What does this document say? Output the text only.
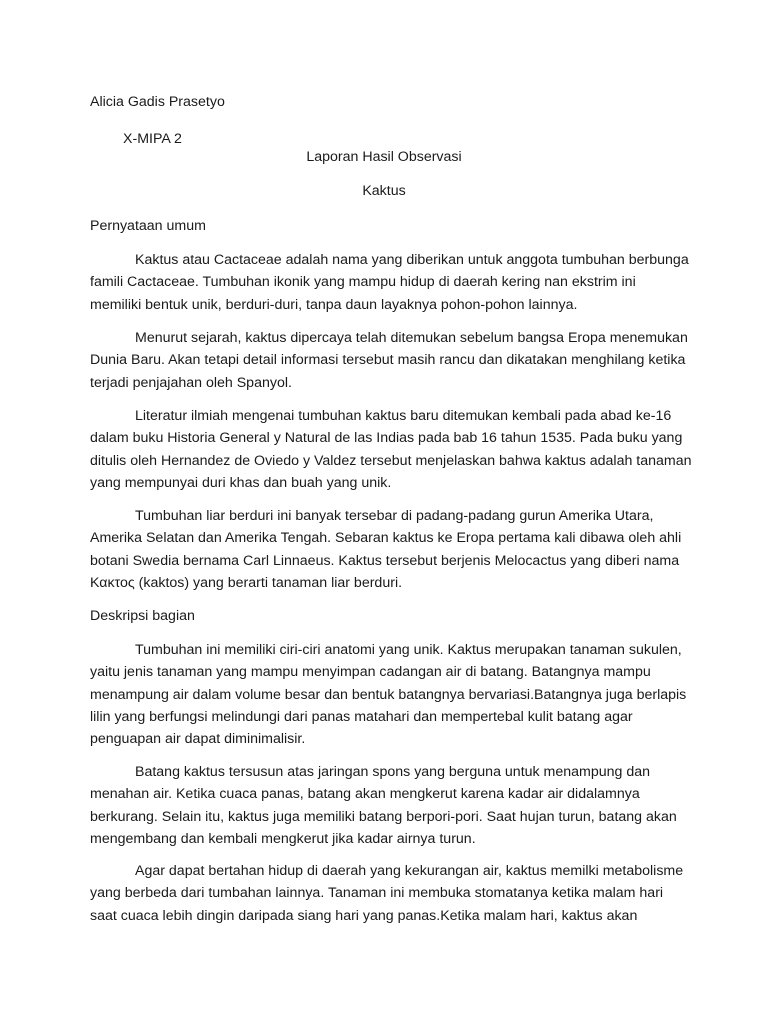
Alicia Gadis Prasetyo
X-MIPA 2
Laporan Hasil Observasi
Kaktus
Pernyataan umum
Kaktus atau Cactaceae adalah nama yang diberikan untuk anggota tumbuhan berbunga
famili Cactaceae. Tumbuhan ikonik yang mampu hidup di daerah kering nan ekstrim ini
memiliki bentuk unik, berduri-duri, tanpa daun layaknya pohon-pohon lainnya.
Menurut sejarah, kaktus dipercaya telah ditemukan sebelum bangsa Eropa menemukan
Dunia Baru. Akan tetapi detail informasi tersebut masih rancu dan dikatakan menghilang ketika
terjadi penjajahan oleh Spanyol.
Literatur ilmiah mengenai tumbuhan kaktus baru ditemukan kembali pada abad ke-16
dalam buku Historia General y Natural de las Indias pada bab 16 tahun 1535. Pada buku yang
ditulis oleh Hernandez de Oviedo y Valdez tersebut menjelaskan bahwa kaktus adalah tanaman
yang mempunyai duri khas dan buah yang unik.
Tumbuhan liar berduri ini banyak tersebar di padang-padang gurun Amerika Utara,
Amerika Selatan dan Amerika Tengah. Sebaran kaktus ke Eropa pertama kali dibawa oleh ahli
botani Swedia bernama Carl Linnaeus. Kaktus tersebut berjenis Melocactus yang diberi nama
Κακτος (kaktos) yang berarti tanaman liar berduri.
Deskripsi bagian
Tumbuhan ini memiliki ciri-ciri anatomi yang unik. Kaktus merupakan tanaman sukulen,
yaitu jenis tanaman yang mampu menyimpan cadangan air di batang. Batangnya mampu
menampung air dalam volume besar dan bentuk batangnya bervariasi.Batangnya juga berlapis
lilin yang berfungsi melindungi dari panas matahari dan mempertebal kulit batang agar
penguapan air dapat diminimalisir.
Batang kaktus tersusun atas jaringan spons yang berguna untuk menampung dan
menahan air. Ketika cuaca panas, batang akan mengkerut karena kadar air didalamnya
berkurang. Selain itu, kaktus juga memiliki batang berpori-pori. Saat hujan turun, batang akan
mengembang dan kembali mengkerut jika kadar airnya turun.
Agar dapat bertahan hidup di daerah yang kekurangan air, kaktus memilki metabolisme
yang berbeda dari tumbahan lainnya. Tanaman ini membuka stomatanya ketika malam hari
saat cuaca lebih dingin daripada siang hari yang panas.Ketika malam hari, kaktus akan
